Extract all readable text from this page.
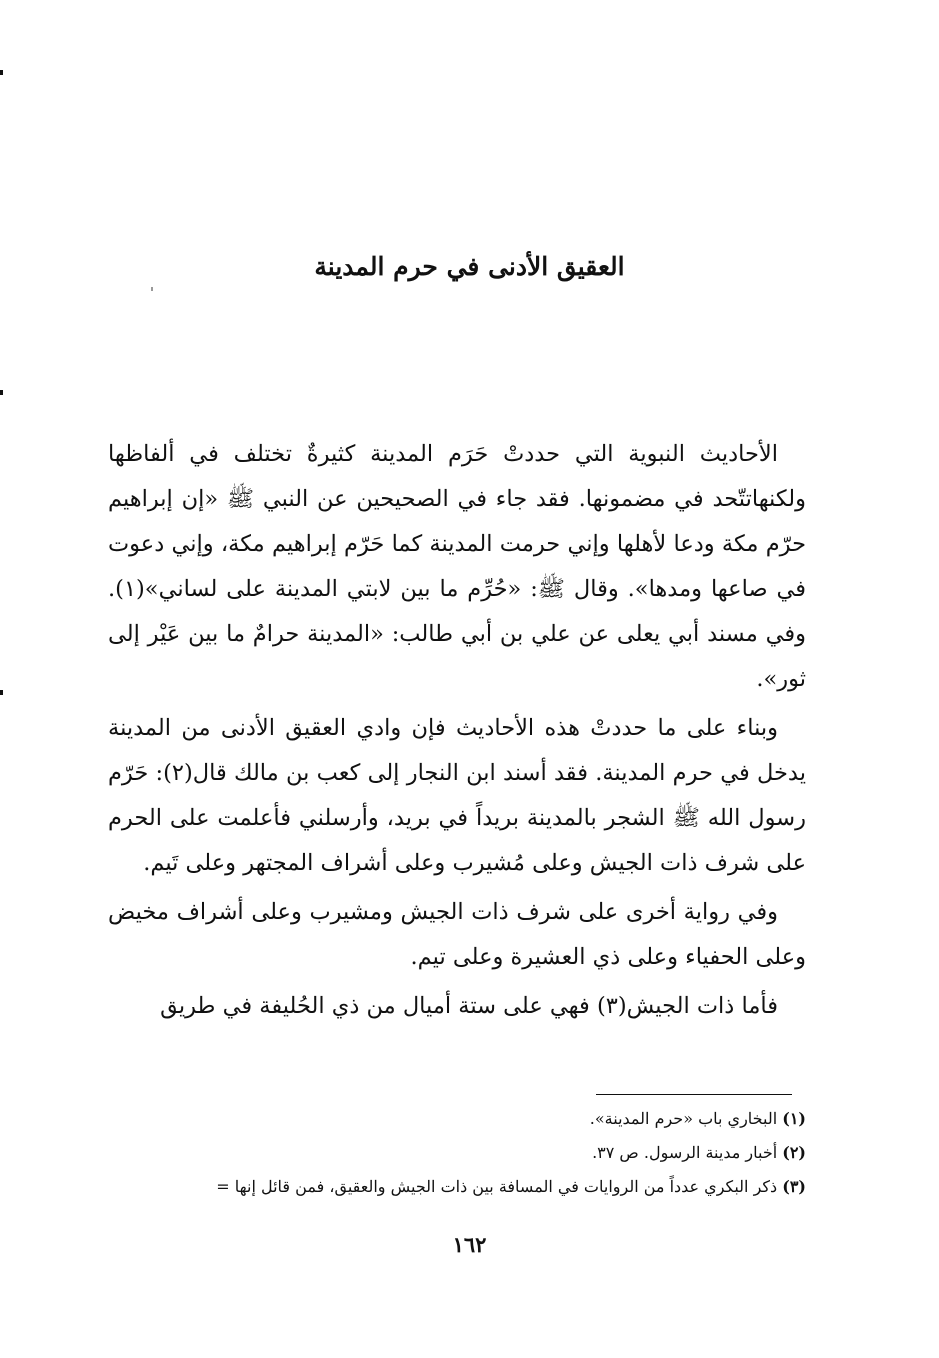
العقيق الأدنى في حرم المدينة

الأحاديث النبوية التي حددتْ حَرَم المدينة كثيرةٌ تختلف في ألفاظها ولكنهاتتّحد في مضمونها. فقد جاء في الصحيحين عن النبي ﷺ «إن إبراهيم حرّم مكة ودعا لأهلها وإني حرمت المدينة كما حَرّم إبراهيم مكة، وإني دعوت في صاعها ومدها». وقال ﷺ: «حُرِّم ما بين لابتي المدينة على لساني»(١). وفي مسند أبي يعلى عن علي بن أبي طالب: «المدينة حرامٌ ما بين عَيْر إلى ثور».

وبناء على ما حددتْ هذه الأحاديث فإن وادي العقيق الأدنى من المدينة يدخل في حرم المدينة. فقد أسند ابن النجار إلى كعب بن مالك قال(٢): حَرّم رسول الله ﷺ الشجر بالمدينة بريداً في بريد، وأرسلني فأعلمت على الحرم على شرف ذات الجيش وعلى مُشيرب وعلى أشراف المجتهر وعلى تَيم.

وفي رواية أخرى على شرف ذات الجيش ومشيرب وعلى أشراف مخيض وعلى الحفياء وعلى ذي العشيرة وعلى تيم.

فأما ذات الجيش(٣) فهي على ستة أميال من ذي الحُليفة في طريق

(١) البخاري باب «حرم المدينة».
(٢) أخبار مدينة الرسول. ص ٣٧.
(٣) ذكر البكري عدداً من الروايات في المسافة بين ذات الجيش والعقيق، فمن قائل إنها =
١٦٢
